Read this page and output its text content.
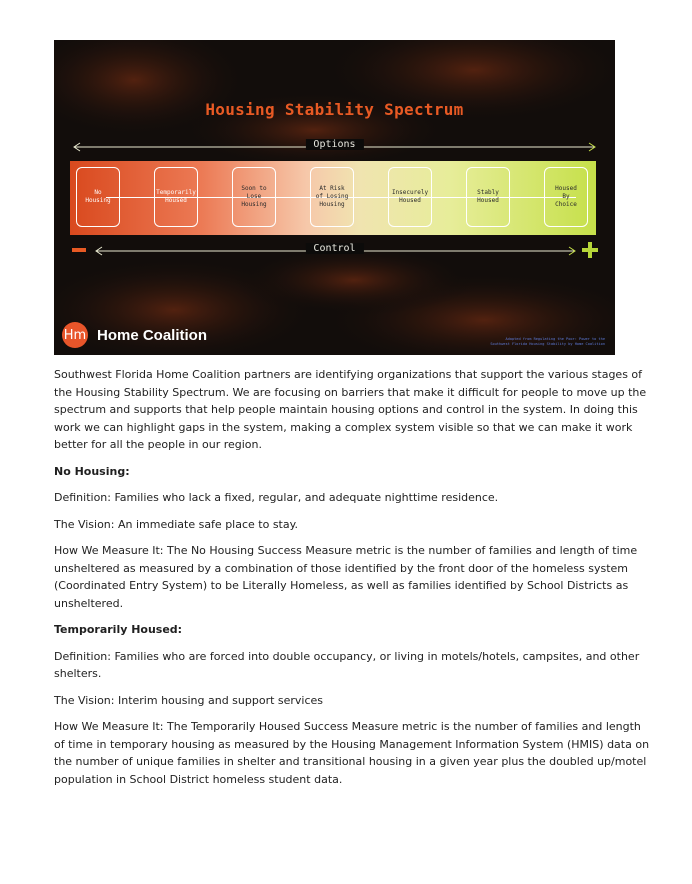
Housing Stability Spectrum
Options
No
Housing
Temporarily
Housed
Soon to
Lose
Housing
At Risk
of Losing
Housing
Insecurely
Housed
Stably
Housed
Housed
By
Choice
Control
Hm Home Coalition	Adapted from Regulating the Poor: Power to the
Southwest Florida Housing Stability by Home Coalition

Southwest Florida Home Coalition partners are identifying organizations that support the various stages of the Housing Stability Spectrum. We are focusing on barriers that make it difficult for people to move up the spectrum and supports that help people maintain housing options and control in the system. In doing this work we can highlight gaps in the system, making a complex system visible so that we can make it work better for all the people in our region.

No Housing:

Definition: Families who lack a fixed, regular, and adequate nighttime residence.

The Vision: An immediate safe place to stay.

How We Measure It: The No Housing Success Measure metric is the number of families and length of time unsheltered as measured by a combination of those identified by the front door of the homeless system (Coordinated Entry System) to be Literally Homeless, as well as families identified by School Districts as unsheltered.

Temporarily Housed:

Definition: Families who are forced into double occupancy, or living in motels/hotels, campsites, and other shelters.

The Vision: Interim housing and support services

How We Measure It: The Temporarily Housed Success Measure metric is the number of families and length of time in temporary housing as measured by the Housing Management Information System (HMIS) data on the number of unique families in shelter and transitional housing in a given year plus the doubled up/motel population in School District homeless student data.
